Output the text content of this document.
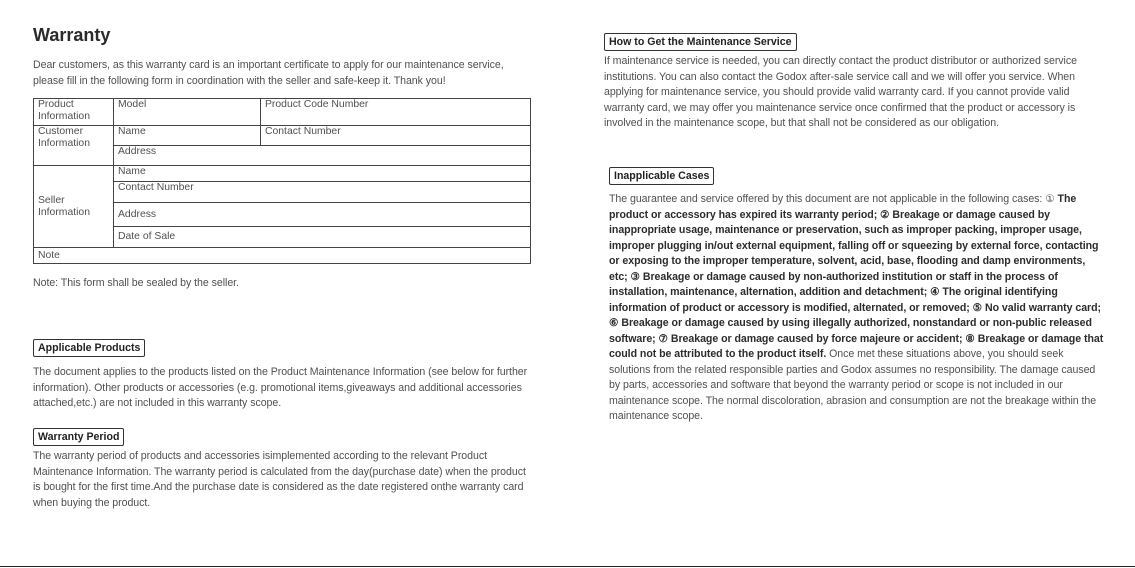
Warranty

Dear customers, as this warranty card is an important certificate to apply for our maintenance service, please fill in the following form in coordination with the seller and safe-keep it. Thank you!

Product Information	Model	Product Code Number
Customer Information	Name	Contact Number
	Address	
Seller Information	Name	
	Contact Number	
	Address	
	Date of Sale	
Note		

Note: This form shall be sealed by the seller.

Applicable Products

The document applies to the products listed on the Product Maintenance Information (see below for further information). Other products or accessories (e.g. promotional items,giveaways and additional accessories attached,etc.) are not included in this warranty scope.

Warranty Period

The warranty period of products and accessories isimplemented according to the relevant Product Maintenance Information. The warranty period is calculated from the day(purchase date) when the product is bought for the first time.And the purchase date is considered as the date registered onthe warranty card when buying the product.

How to Get the Maintenance Service

If maintenance service is needed, you can directly contact the product distributor or authorized service institutions. You can also contact the Godox after-sale service call and we will offer you service. When applying for maintenance service, you should provide valid warranty card. If you cannot provide valid warranty card, we may offer you maintenance service once confirmed that the product or accessory is involved in the maintenance scope, but that shall not be considered as our obligation.

Inapplicable Cases

The guarantee and service offered by this document are not applicable in the following cases: ① The product or accessory has expired its warranty period; ② Breakage or damage caused by inappropriate usage, maintenance or preservation, such as improper packing, improper usage, improper plugging in/out external equipment, falling off or squeezing by external force, contacting or exposing to the improper temperature, solvent, acid, base, flooding and damp environments, etc; ③ Breakage or damage caused by non-authorized institution or staff in the process of installation, maintenance, alternation, addition and detachment; ④ The original identifying information of product or accessory is modified, alternated, or removed; ⑤ No valid warranty card; ⑥ Breakage or damage caused by using illegally authorized, nonstandard or non-public released software; ⑦ Breakage or damage caused by force majeure or accident; ⑧ Breakage or damage that could not be attributed to the product itself. Once met these situations above, you should seek solutions from the related responsible parties and Godox assumes no responsibility. The damage caused by parts, accessories and software that beyond the warranty period or scope is not included in our maintenance scope. The normal discoloration, abrasion and consumption are not the breakage within the maintenance scope.
